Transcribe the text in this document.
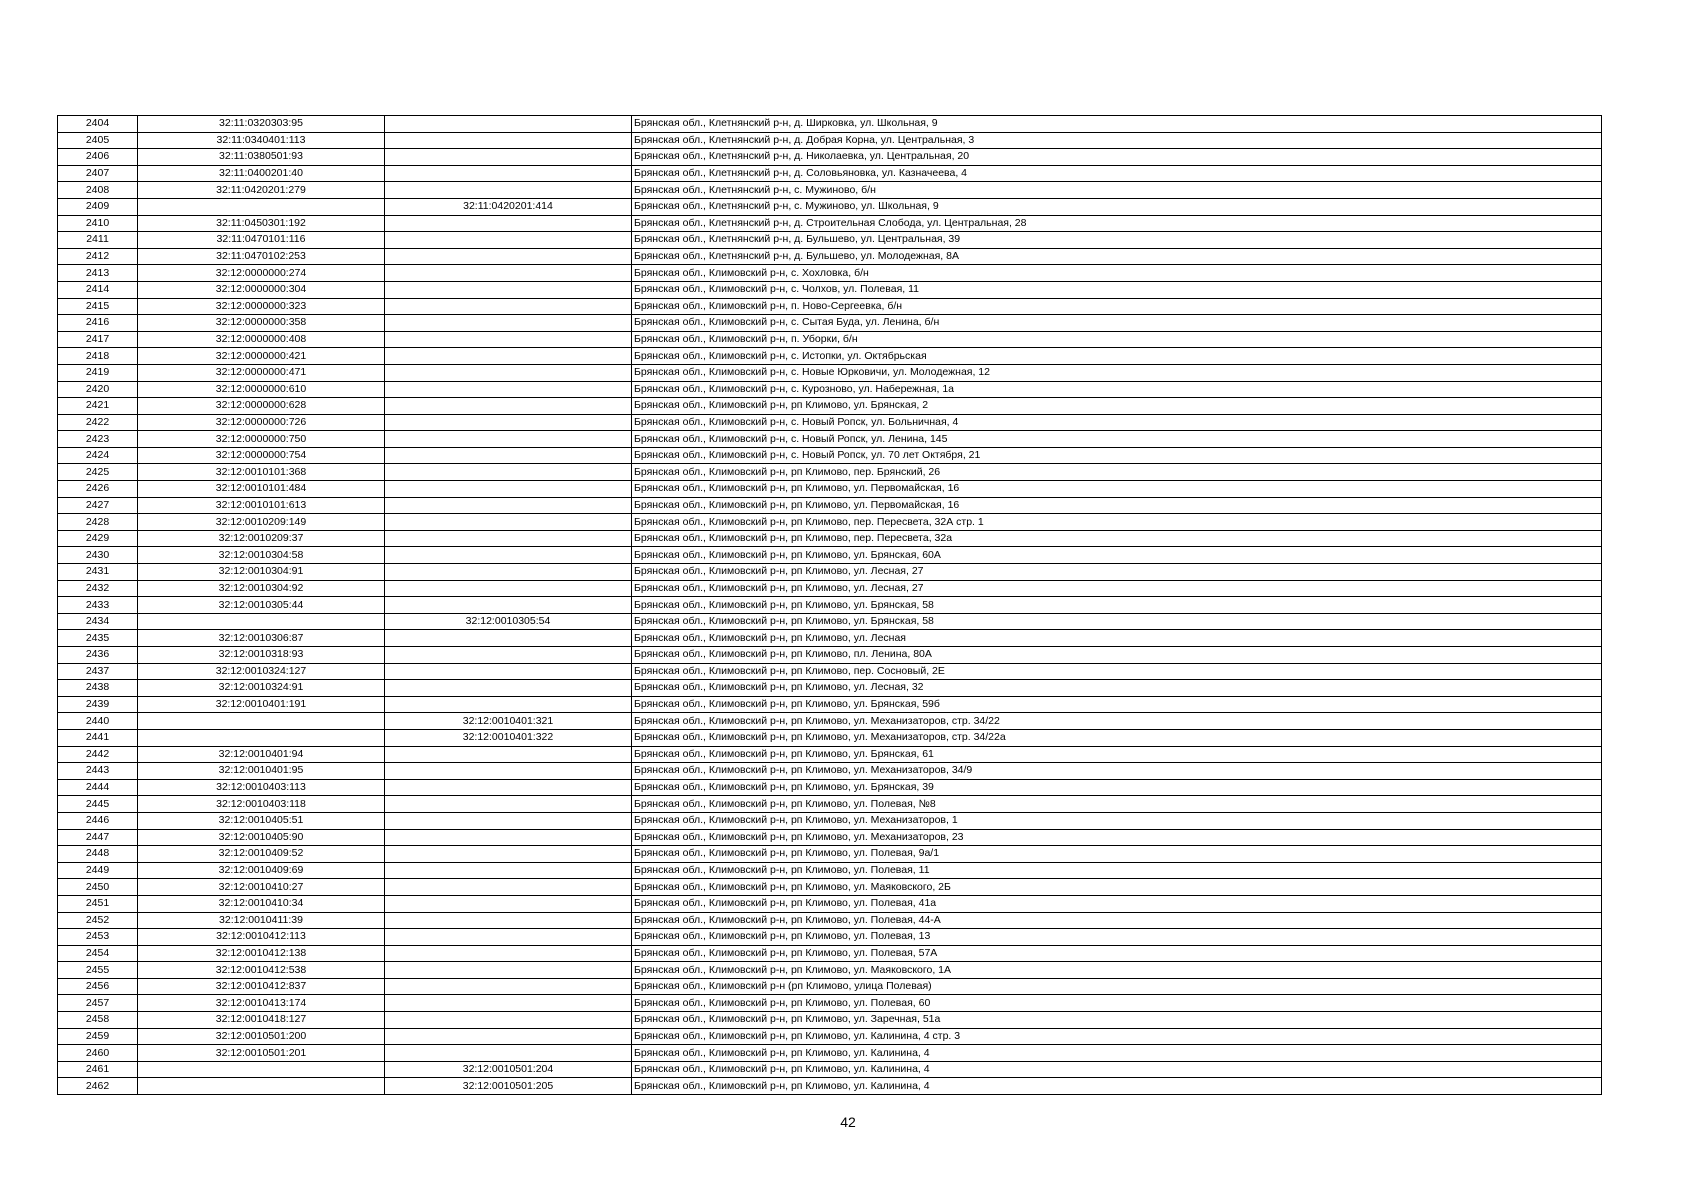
2404	32:11:0320303:95		Брянская обл., Клетнянский р-н, д. Ширковка, ул. Школьная, 9
2405	32:11:0340401:113		Брянская обл., Клетнянский р-н, д. Добрая Корна, ул. Центральная, 3
2406	32:11:0380501:93		Брянская обл., Клетнянский р-н, д. Николаевка, ул. Центральная, 20
2407	32:11:0400201:40		Брянская обл., Клетнянский р-н, д. Соловьяновка, ул. Казначеева, 4
2408	32:11:0420201:279		Брянская обл., Клетнянский р-н, с. Мужиново, б/н
2409		32:11:0420201:414	Брянская обл., Клетнянский р-н, с. Мужиново, ул. Школьная, 9
2410	32:11:0450301:192		Брянская обл., Клетнянский р-н, д. Строительная Слобода, ул. Центральная, 28
2411	32:11:0470101:116		Брянская обл., Клетнянский р-н, д. Бульшево, ул. Центральная, 39
2412	32:11:0470102:253		Брянская обл., Клетнянский р-н, д. Бульшево, ул. Молодежная, 8А
2413	32:12:0000000:274		Брянская обл., Климовский р-н, с. Хохловка, б/н
2414	32:12:0000000:304		Брянская обл., Климовский р-н, с. Чолхов, ул. Полевая, 11
2415	32:12:0000000:323		Брянская обл., Климовский р-н, п. Ново-Сергеевка, б/н
2416	32:12:0000000:358		Брянская обл., Климовский р-н, с. Сытая Буда, ул. Ленина, б/н
2417	32:12:0000000:408		Брянская обл., Климовский р-н, п. Уборки, б/н
2418	32:12:0000000:421		Брянская обл., Климовский р-н, с. Истопки, ул. Октябрьская
2419	32:12:0000000:471		Брянская обл., Климовский р-н, с. Новые Юрковичи, ул. Молодежная, 12
2420	32:12:0000000:610		Брянская обл., Климовский р-н, с. Курозново, ул. Набережная, 1а
2421	32:12:0000000:628		Брянская обл., Климовский р-н, рп Климово, ул. Брянская, 2
2422	32:12:0000000:726		Брянская обл., Климовский р-н, с. Новый Ропск, ул. Больничная, 4
2423	32:12:0000000:750		Брянская обл., Климовский р-н, с. Новый Ропск, ул. Ленина, 145
2424	32:12:0000000:754		Брянская обл., Климовский р-н, с. Новый Ропск, ул. 70 лет Октября, 21
2425	32:12:0010101:368		Брянская обл., Климовский р-н, рп Климово, пер. Брянский, 26
2426	32:12:0010101:484		Брянская обл., Климовский р-н, рп Климово, ул. Первомайская, 16
2427	32:12:0010101:613		Брянская обл., Климовский р-н, рп Климово, ул. Первомайская, 16
2428	32:12:0010209:149		Брянская обл., Климовский р-н, рп Климово, пер. Пересвета, 32А стр. 1
2429	32:12:0010209:37		Брянская обл., Климовский р-н, рп Климово, пер. Пересвета, 32а
2430	32:12:0010304:58		Брянская обл., Климовский р-н, рп Климово, ул. Брянская, 60А
2431	32:12:0010304:91		Брянская обл., Климовский р-н, рп Климово, ул. Лесная, 27
2432	32:12:0010304:92		Брянская обл., Климовский р-н, рп Климово, ул. Лесная, 27
2433	32:12:0010305:44		Брянская обл., Климовский р-н, рп Климово, ул. Брянская, 58
2434		32:12:0010305:54	Брянская обл., Климовский р-н, рп Климово, ул. Брянская, 58
2435	32:12:0010306:87		Брянская обл., Климовский р-н, рп Климово, ул. Лесная
2436	32:12:0010318:93		Брянская обл., Климовский р-н, рп Климово, пл. Ленина, 80А
2437	32:12:0010324:127		Брянская обл., Климовский р-н, рп Климово, пер. Сосновый, 2Е
2438	32:12:0010324:91		Брянская обл., Климовский р-н, рп Климово, ул. Лесная, 32
2439	32:12:0010401:191		Брянская обл., Климовский р-н, рп Климово, ул. Брянская, 59б
2440		32:12:0010401:321	Брянская обл., Климовский р-н, рп Климово, ул. Механизаторов, стр. 34/22
2441		32:12:0010401:322	Брянская обл., Климовский р-н, рп Климово, ул. Механизаторов, стр. 34/22а
2442	32:12:0010401:94		Брянская обл., Климовский р-н, рп Климово, ул. Брянская, 61
2443	32:12:0010401:95		Брянская обл., Климовский р-н, рп Климово, ул. Механизаторов, 34/9
2444	32:12:0010403:113		Брянская обл., Климовский р-н, рп Климово, ул. Брянская, 39
2445	32:12:0010403:118		Брянская обл., Климовский р-н, рп Климово, ул. Полевая, №8
2446	32:12:0010405:51		Брянская обл., Климовский р-н, рп Климово, ул. Механизаторов, 1
2447	32:12:0010405:90		Брянская обл., Климовский р-н, рп Климово, ул. Механизаторов, 23
2448	32:12:0010409:52		Брянская обл., Климовский р-н, рп Климово, ул. Полевая, 9а/1
2449	32:12:0010409:69		Брянская обл., Климовский р-н, рп Климово, ул. Полевая, 11
2450	32:12:0010410:27		Брянская обл., Климовский р-н, рп Климово, ул. Маяковского, 2Б
2451	32:12:0010410:34		Брянская обл., Климовский р-н, рп Климово, ул. Полевая, 41а
2452	32:12:0010411:39		Брянская обл., Климовский р-н, рп Климово, ул. Полевая, 44-А
2453	32:12:0010412:113		Брянская обл., Климовский р-н, рп Климово, ул. Полевая, 13
2454	32:12:0010412:138		Брянская обл., Климовский р-н, рп Климово, ул. Полевая, 57А
2455	32:12:0010412:538		Брянская обл., Климовский р-н, рп Климово, ул. Маяковского, 1А
2456	32:12:0010412:837		Брянская обл., Климовский р-н (рп Климово, улица Полевая)
2457	32:12:0010413:174		Брянская обл., Климовский р-н, рп Климово, ул. Полевая, 60
2458	32:12:0010418:127		Брянская обл., Климовский р-н, рп Климово, ул. Заречная, 51а
2459	32:12:0010501:200		Брянская обл., Климовский р-н, рп Климово, ул. Калинина, 4 стр. 3
2460	32:12:0010501:201		Брянская обл., Климовский р-н, рп Климово, ул. Калинина, 4
2461		32:12:0010501:204	Брянская обл., Климовский р-н, рп Климово, ул. Калинина, 4
2462		32:12:0010501:205	Брянская обл., Климовский р-н, рп Климово, ул. Калинина, 4
42
